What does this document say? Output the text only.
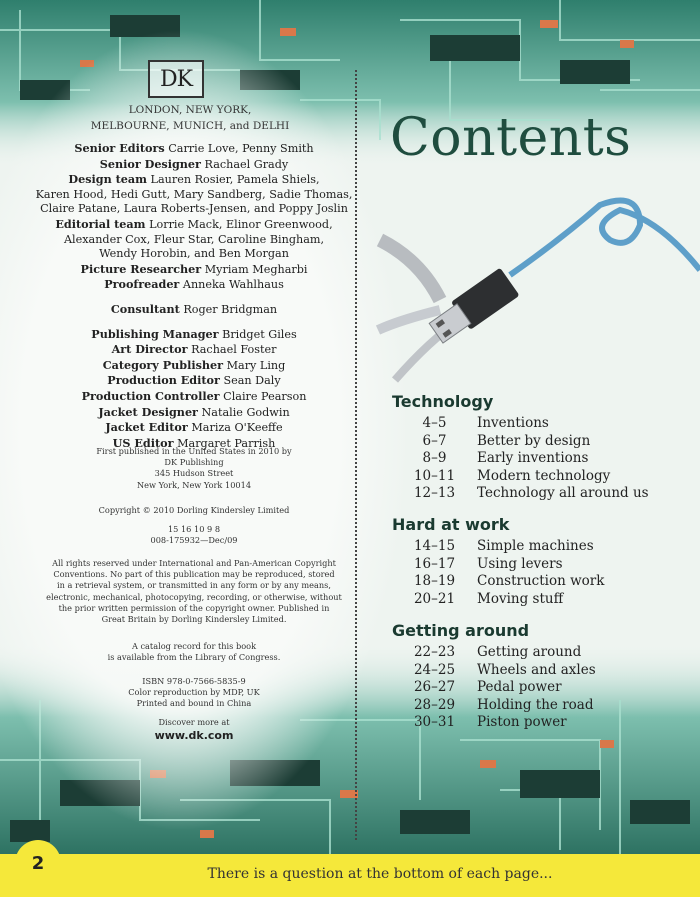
DK
LONDON, NEW YORK,
MELBOURNE, MUNICH, and DELHI
Senior Editors Carrie Love, Penny Smith
Senior Designer Rachael Grady
Design team Lauren Rosier, Pamela Shiels,
Karen Hood, Hedi Gutt, Mary Sandberg, Sadie Thomas,
Claire Patane, Laura Roberts-Jensen, and Poppy Joslin
Editorial team Lorrie Mack, Elinor Greenwood,
Alexander Cox, Fleur Star, Caroline Bingham,
Wendy Horobin, and Ben Morgan
Picture Researcher Myriam Megharbi
Proofreader Anneka Wahlhaus
Consultant Roger Bridgman
Publishing Manager Bridget Giles
Art Director Rachael Foster
Category Publisher Mary Ling
Production Editor Sean Daly
Production Controller Claire Pearson
Jacket Designer Natalie Godwin
Jacket Editor Mariza O'Keeffe
US Editor Margaret Parrish
First published in the United States in 2010 by
DK Publishing
345 Hudson Street
New York, New York 10014
Copyright © 2010 Dorling Kindersley Limited
15 16 10 9 8
008-175932—Dec/09
All rights reserved under International and Pan-American Copyright
Conventions. No part of this publication may be reproduced, stored
in a retrieval system, or transmitted in any form or by any means,
electronic, mechanical, photocopying, recording, or otherwise, without
the prior written permission of the copyright owner. Published in
Great Britain by Dorling Kindersley Limited.
A catalog record for this book
is available from the Library of Congress.
ISBN 978-0-7566-5835-9
Color reproduction by MDP, UK
Printed and bound in China
Discover more at
www.dk.com
Contents
Technology
4–5	Inventions
6–7	Better by design
8–9	Early inventions
10–11	Modern technology
12–13	Technology all around us
Hard at work
14–15	Simple machines
16–17	Using levers
18–19	Construction work
20–21	Moving stuff
Getting around
22–23	Getting around
24–25	Wheels and axles
26–27	Pedal power
28–29	Holding the road
30–31	Piston power
There is a question at the bottom of each page...
2
